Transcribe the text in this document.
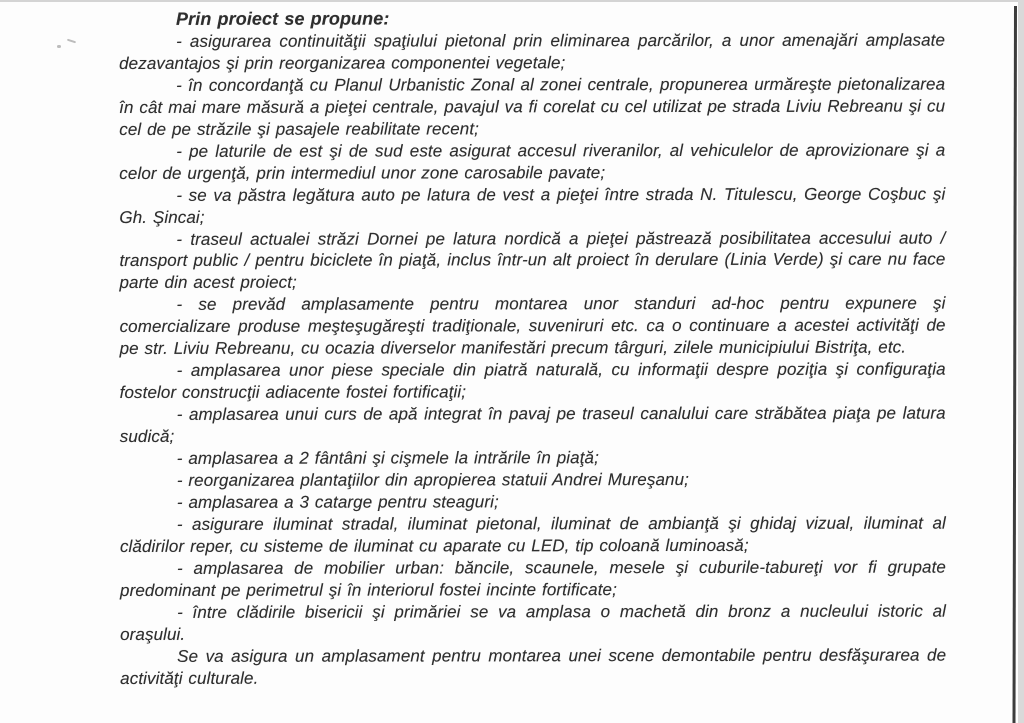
Prin proiect se propune:

- asigurarea continuităţii spaţiului pietonal prin eliminarea parcărilor, a unor amenajări amplasate dezavantajos şi prin reorganizarea componentei vegetale;

- în concordanţă cu Planul Urbanistic Zonal al zonei centrale, propunerea urmăreşte pietonalizarea în cât mai mare măsură a pieţei centrale, pavajul va fi corelat cu cel utilizat pe strada Liviu Rebreanu şi cu cel de pe străzile şi pasajele reabilitate recent;

- pe laturile de est şi de sud este asigurat accesul riveranilor, al vehiculelor de aprovizionare şi a celor de urgenţă, prin intermediul unor zone carosabile pavate;

- se va păstra legătura auto pe latura de vest a pieţei între strada N. Titulescu, George Coşbuc şi Gh. Şincai;

- traseul actualei străzi Dornei pe latura nordică a pieţei păstrează posibilitatea accesului auto / transport public / pentru biciclete în piaţă, inclus într-un alt proiect în derulare (Linia Verde) şi care nu face parte din acest proiect;

- se prevăd amplasamente pentru montarea unor standuri ad-hoc pentru expunere şi comercializare produse meşteşugăreşti tradiţionale, suveniruri etc. ca o continuare a acestei activităţi de pe str. Liviu Rebreanu, cu ocazia diverselor manifestări precum târguri, zilele municipiului Bistriţa, etc.

- amplasarea unor piese speciale din piatră naturală, cu informaţii despre poziţia şi configuraţia fostelor construcţii adiacente fostei fortificaţii;

- amplasarea unui curs de apă integrat în pavaj pe traseul canalului care străbătea piaţa pe latura sudică;

- amplasarea a 2 fântâni şi cişmele la intrările în piaţă;

- reorganizarea plantaţiilor din apropierea statuii Andrei Mureşanu;

- amplasarea a 3 catarge pentru steaguri;

- asigurare iluminat stradal, iluminat pietonal, iluminat de ambianţă şi ghidaj vizual, iluminat al clădirilor reper, cu sisteme de iluminat cu aparate cu LED, tip coloană luminoasă;

- amplasarea de mobilier urban: băncile, scaunele, mesele şi cuburile-tabureţi vor fi grupate predominant pe perimetrul şi în interiorul fostei incinte fortificate;

- între clădirile bisericii şi primăriei se va amplasa o machetă din bronz a nucleului istoric al oraşului.

Se va asigura un amplasament pentru montarea unei scene demontabile pentru desfăşurarea de activităţi culturale.
